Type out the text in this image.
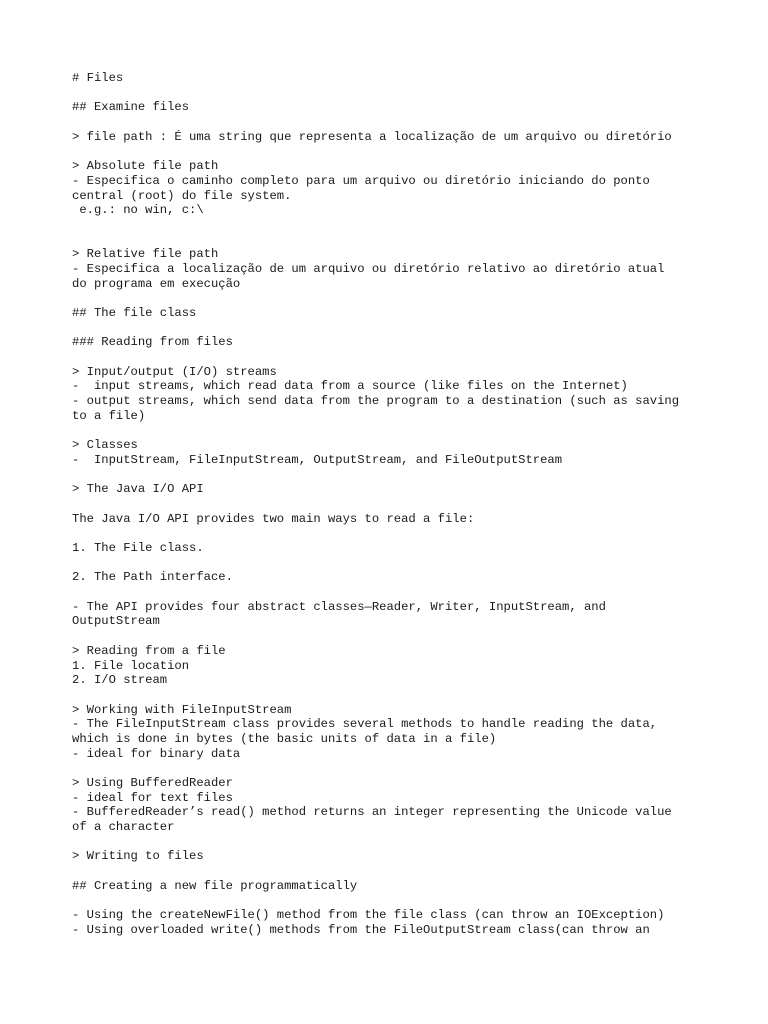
# Files

## Examine files

> file path : É uma string que representa a localização de um arquivo ou diretório

> Absolute file path
- Especifica o caminho completo para um arquivo ou diretório iniciando do ponto
central (root) do file system.
e.g.: no win, c:\

> Relative file path
- Especifica a localização de um arquivo ou diretório relativo ao diretório atual
do programa em execução

## The file class

### Reading from files

> Input/output (I/O) streams
-  input streams, which read data from a source (like files on the Internet)
- output streams, which send data from the program to a destination (such as saving
to a file)

> Classes
-  InputStream, FileInputStream, OutputStream, and FileOutputStream

> The Java I/O API

The Java I/O API provides two main ways to read a file:

1. The File class.

2. The Path interface.

- The API provides four abstract classes—Reader, Writer, InputStream, and
OutputStream

> Reading from a file
1. File location
2. I/O stream

> Working with FileInputStream
- The FileInputStream class provides several methods to handle reading the data,
which is done in bytes (the basic units of data in a file)
- ideal for binary data

> Using BufferedReader
- ideal for text files
- BufferedReader’s read() method returns an integer representing the Unicode value
of a character

> Writing to files

## Creating a new file programmatically

- Using the createNewFile() method from the file class (can throw an IOException)
- Using overloaded write() methods from the FileOutputStream class(can throw an
